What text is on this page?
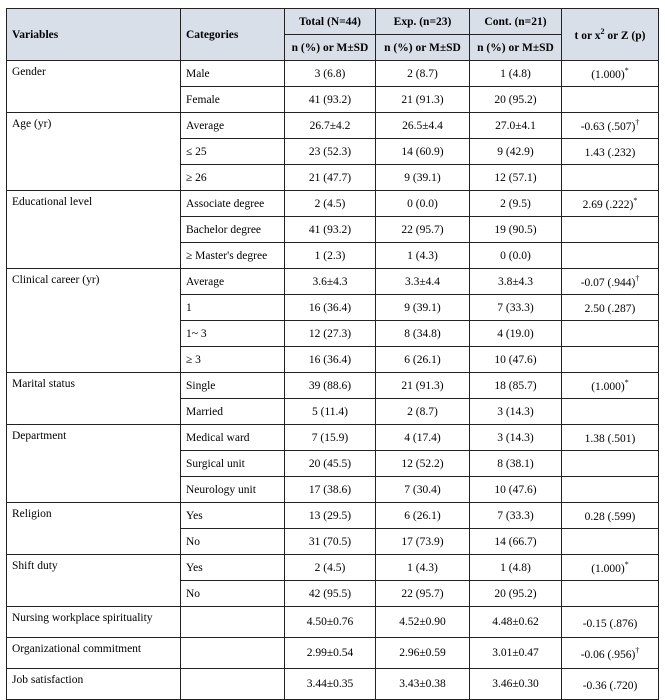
Variables	Categories	Total (N=44)	Exp. (n=23)	Cont. (n=21)	t or $x^2$ or Z (p)
		n (%) or M±SD	n (%) or M±SD	n (%) or M±SD	
Gender	Male	3 (6.8)	2 (8.7)	1 (4.8)	(1.000)*
	Female	41 (93.2)	21 (91.3)	20 (95.2)	
Age (yr)	Average	26.7±4.2	26.5±4.4	27.0±4.1	-0.63 (.507)†
	≤ 25	23 (52.3)	14 (60.9)	9 (42.9)	1.43 (.232)
	≥ 26	21 (47.7)	9 (39.1)	12 (57.1)	
Educational level	Associate degree	2 (4.5)	0 (0.0)	2 (9.5)	2.69 (.222)*
	Bachelor degree	41 (93.2)	22 (95.7)	19 (90.5)	
	≥ Master's degree	1 (2.3)	1 (4.3)	0 (0.0)	
Clinical career (yr)	Average	3.6±4.3	3.3±4.4	3.8±4.3	-0.07 (.944)†
	1	16 (36.4)	9 (39.1)	7 (33.3)	2.50 (.287)
	1~ 3	12 (27.3)	8 (34.8)	4 (19.0)	
	≥ 3	16 (36.4)	6 (26.1)	10 (47.6)	
Marital status	Single	39 (88.6)	21 (91.3)	18 (85.7)	(1.000)*
	Married	5 (11.4)	2 (8.7)	3 (14.3)	
Department	Medical ward	7 (15.9)	4 (17.4)	3 (14.3)	1.38 (.501)
	Surgical unit	20 (45.5)	12 (52.2)	8 (38.1)	
	Neurology unit	17 (38.6)	7 (30.4)	10 (47.6)	
Religion	Yes	13 (29.5)	6 (26.1)	7 (33.3)	0.28 (.599)
	No	31 (70.5)	17 (73.9)	14 (66.7)	
Shift duty	Yes	2 (4.5)	1 (4.3)	1 (4.8)	(1.000)*
	No	42 (95.5)	22 (95.7)	20 (95.2)	
Nursing workplace spirituality		4.50±0.76	4.52±0.90	4.48±0.62	-0.15 (.876)
Organizational commitment		2.99±0.54	2.96±0.59	3.01±0.47	-0.06 (.956)†
Job satisfaction		3.44±0.35	3.43±0.38	3.46±0.30	-0.36 (.720)
